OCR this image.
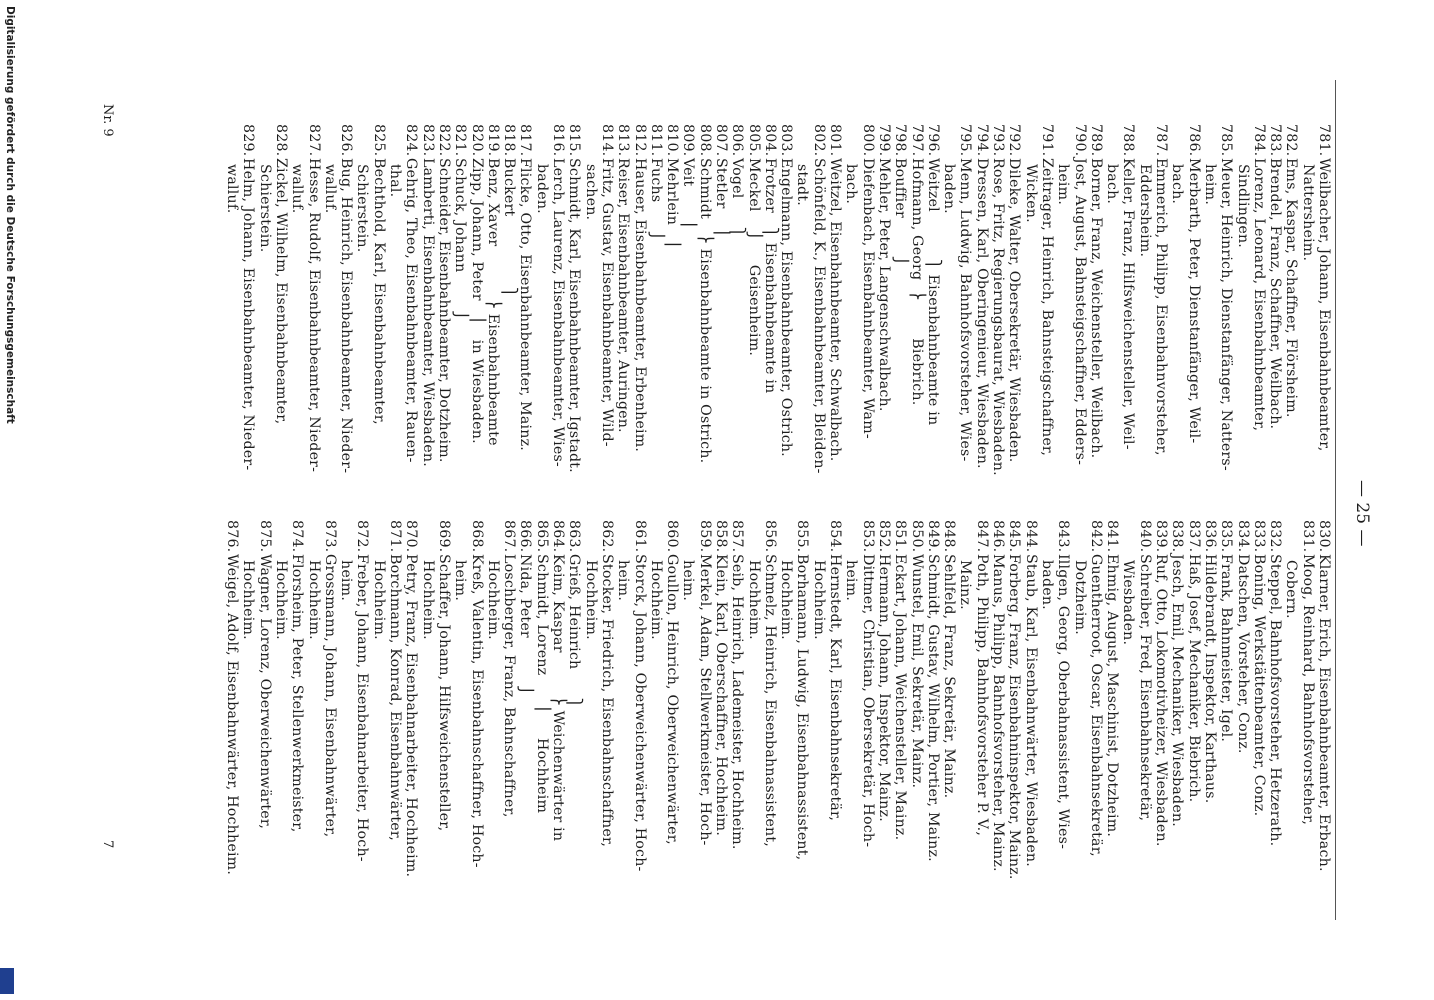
— 25 —
781.
Weilbacher, Johann, Eisenbahnbeamter,
Nattersheim.
782.
Ems, Kaspar, Schaffner, Flörsheim.
783.
Brendel, Franz, Schaffner, Weilbach.
784.
Lorenz, Leonard, Eisenbahnbeamter,
Sindlingen.
785.
Meuer, Heinrich, Dienstanfänger, Natters-
heim.
786.
Merbarth, Peter, Dienstanfänger, Weil-
bach.
787.
Emmerich, Philipp, Eisenbahnvorsteher,
Eddersheim.
788.
Keller, Franz, Hilfsweichensteller, Weil-
bach.
789.
Borner, Franz, Weichensteller, Weilbach.
790.
Jost, August, Bahnsteigschaffner, Edders-
heim.
791.
Zeitrager, Heinrich, Bahnsteigschaffner,
Wicken.
792.
Dileke, Walter, Obersekretär, Wiesbaden.
793.
Rose, Fritz, Regierungsbaurat, Wiesbaden.
794.
Dressen, Karl, Oberingenieur, Wiesbaden.
795.
Menn, Ludwig, Bahnhofsvorsteher, Wies-
baden.
796.
Weitzel          ⎫ Eisenbahnbeamte in
797.
Hofmann, Georg  ⎬        Biebrich.
798.
Bouffier        ⎭
799.
Mehler, Peter, Langenschwalbach.
800.
Diefenbach, Eisenbahnbeamter, Wam-
bach.
801.
Weitzel, Eisenbahnbeamter, Schwalbach.
802.
Schönfeld, K., Eisenbahnbeamter, Bleiden-
stadt.
803.
Engelmann, Eisenbahnbeamter, Ostrich.
804.
Frotzer   ⎫ Eisenbahnbeamte in
805.
Meckel    ⎭     Geisenheim.
806.
Vogel      ⎫
807.
Stetler    ⎪
808.
Schmidt   ⎬ Eisenbahnbeamte in Ostrich.
809.
Veit       ⎪
810.
Mehrlein   ⎪
811.
Fuchs      ⎭
812.
Hauser, Eisenbahnbeamter, Erbenheim.
813.
Reiser, Eisenbahnbeamter, Auringen.
814.
Fritz, Gustav, Eisenbahnbeamter, Wild-
sachen.
815.
Schmidt, Karl, Eisenbahnbeamter, Igstadt.
816.
Lerch, Laurenz, Eisenbahnbeamter, Wies-
baden.
817.
Flicke, Otto, Eisenbahnbeamter, Mainz.
818.
Buckert               ⎫
819.
Benz, Xaver           ⎬ Eisenbahnbeamte
820.
Zipp, Johann, Peter   ⎪   in Wiesbaden.
821.
Schuck, Johann        ⎭
822.
Schneider, Eisenbahnbeamter, Dotzheim.
823.
Lamberti, Eisenbahnbeamter, Wiesbaden.
824.
Gehrig, Theo, Eisenbahnbeamter, Rauen-
thal.
825.
Bechthold, Karl, Eisenbahnbeamter,
Schierstein.
826.
Bug, Heinrich, Eisenbahnbeamter, Nieder-
walluf.
827.
Hesse, Rudolf, Eisenbahnbeamter, Nieder-
walluf.
828.
Zickel, Wilhelm, Eisenbahnbeamter,
Schierstein.
829.
Helm, Johann, Eisenbahnbeamter, Nieder-
walluf.
830.
Klarner, Erich, Eisenbahnbeamter, Erbach.
831.
Moog, Reinhard, Bahnhofsvorsteher,
Cobern.
832.
Steppel, Bahnhofsvorsteher, Hetzerath.
833.
Boning, Werkstättenbeamter, Conz.
834.
Datschen, Vorsteher, Conz.
835.
Frank, Bahnmeister, Igel.
836.
Hildebrandt, Inspektor, Karthaus.
837.
Haß, Josef, Mechaniker, Biebrich.
838.
Jesch, Emil, Mechaniker, Wiesbaden.
839.
Ruf, Otto, Lokomotivheizer, Wiesbaden.
840.
Schreiber, Fred, Eisenbahnsekretär,
Wiesbaden.
841.
Ehmig, August, Maschinist, Dotzheim.
842.
Guentherroot, Oscar, Eisenbahnsekretär,
Dotzheim.
843.
Illgen, Georg, Oberbahnassistent, Wies-
baden.
844.
Staub, Karl, Eisenbahnwärter, Wiesbaden.
845.
Forberg, Franz, Eisenbahninspektor, Mainz.
846.
Manus, Philipp, Bahnhofsvorsteher, Mainz.
847.
Poth, Philipp, Bahnhofsvorsteher P. V.,
Mainz.
848.
Sehlfeld, Franz, Sekretär, Mainz.
849.
Schmidt, Gustav, Wilhelm, Portier, Mainz.
850.
Wunstel, Emil, Sekretär, Mainz.
851.
Eckart, Johann, Weichensteller, Mainz.
852.
Hermann, Johann, Inspektor, Mainz.
853.
Dittmer, Christian, Obersekretär, Hoch-
heim.
854.
Hernstedt, Karl, Eisenbahnsekretär,
Hochheim.
855.
Borhamann, Ludwig, Eisenbahnassistent,
Hochheim.
856.
Schmelz, Heinrich, Eisenbahnassistent,
Hochheim.
857.
Seib, Heinrich, Lademeister, Hochheim.
858.
Klein, Karl, Oberschaffner, Hochheim.
859.
Merkel, Adam, Stellwerkmeister, Hoch-
heim.
860.
Goullon, Heinrich, Oberweichenwärter,
Hochheim.
861.
Storck, Johann, Oberweichenwärter, Hoch-
heim.
862.
Stocker, Friedrich, Eisenbahnschaffner,
Hochheim.
863.
Grieß, Heinrich      ⎫
864.
Keim, Kaspar         ⎬ Weichenwärter in
865.
Schmidt, Lorenz      ⎪     Hochheim
866.
Nida, Peter          ⎭
867.
Loschberger, Franz, Bahnschaffner,
Hochheim.
868.
Kreß, Valentin, Eisenbahnschaffner, Hoch-
heim.
869.
Schaffer, Johann, Hilfsweichensteller,
Hochheim.
870.
Petry, Franz, Eisenbahnarbeiter, Hochheim.
871.
Borchmann, Konrad, Eisenbahnwärter,
Hochheim.
872.
Freber, Johann, Eisenbahnarbeiter, Hoch-
heim.
873.
Grossmann, Johann, Eisenbahnwärter,
Hochheim.
874.
Florsheim, Peter, Stellenwerkmeister,
Hochheim.
875.
Wagner, Lorenz, Oberweichenwärter,
Hochheim.
876.
Weigel, Adolf, Eisenbahnwärter, Hochheim.
Nr. 9
7
Digitalisierung gefördert durch die Deutsche Forschungsgemeinschaft
